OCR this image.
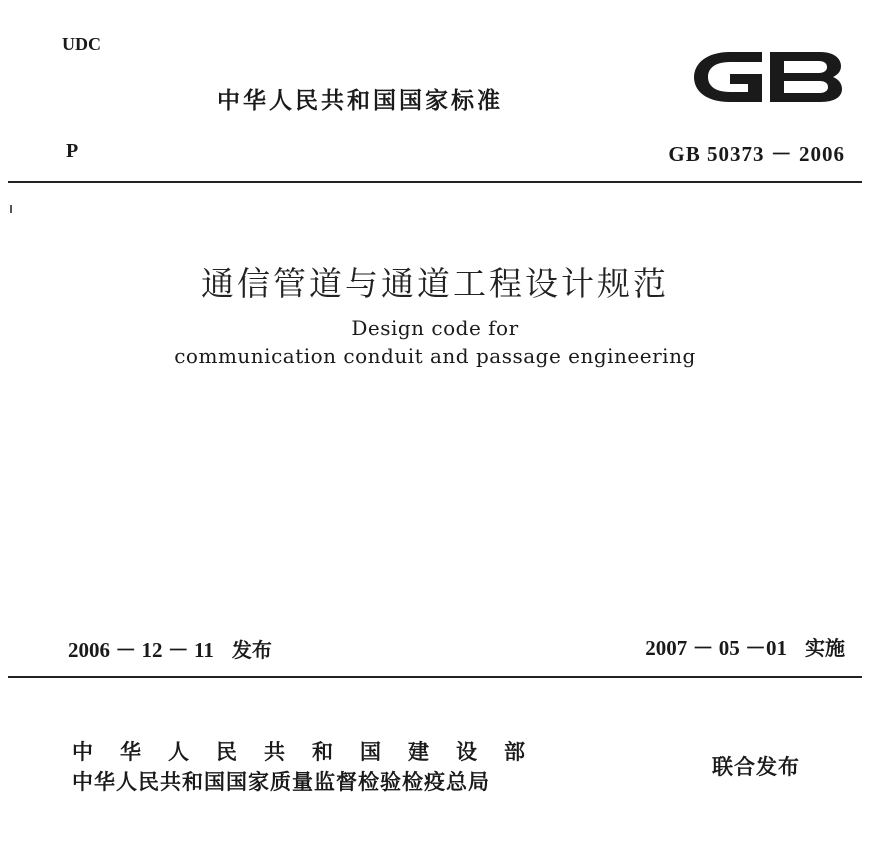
UDC
中华人民共和国国家标准
P	GB 50373 － 2006
通信管道与通道工程设计规范
Design code for
communication conduit and passage engineering
2006 － 12 － 11 发布	2007 － 05 －01 实施
中华人民共和国建设部
中华人民共和国国家质量监督检验检疫总局
联合发布
